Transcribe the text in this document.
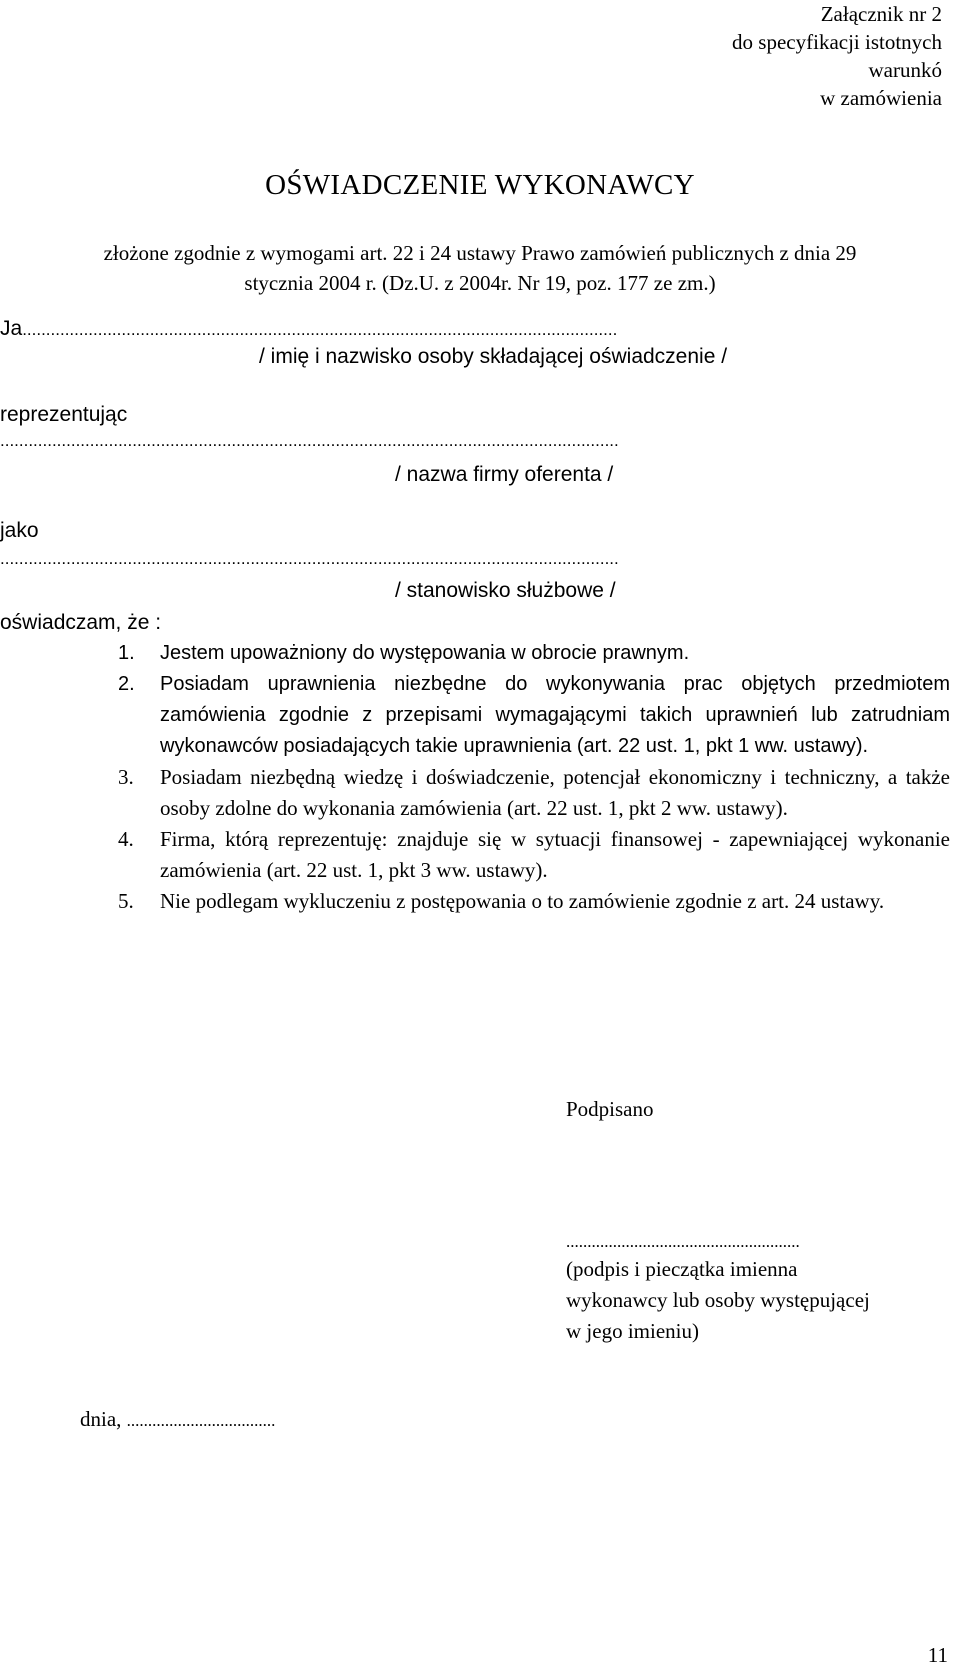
Załącznik nr 2
do specyfikacji istotnych
warunkó
w zamówienia
OŚWIADCZENIE WYKONAWCY
złożone zgodnie z wymogami art. 22 i 24 ustawy Prawo zamówień publicznych z dnia 29
stycznia 2004 r. (Dz.U. z 2004r. Nr 19, poz. 177 ze zm.)
Ja..............................................................................................................................
/ imię i nazwisko osoby składającej oświadczenie /
reprezentując
...................................................................................................................................
/ nazwa firmy oferenta /
jako
...................................................................................................................................
/ stanowisko służbowe /
oświadczam, że :
1.	Jestem upoważniony do występowania w obrocie prawnym.
2.	Posiadam uprawnienia niezbędne do wykonywania prac objętych przedmiotem zamówienia zgodnie z przepisami wymagającymi takich uprawnień lub zatrudniam wykonawców posiadających takie uprawnienia (art. 22 ust. 1, pkt 1 ww. ustawy).
3.	Posiadam niezbędną wiedzę i doświadczenie, potencjał ekonomiczny i techniczny, a także osoby zdolne do wykonania zamówienia (art. 22 ust. 1, pkt 2 ww. ustawy).
4.	Firma, którą reprezentuję: znajduje się w sytuacji finansowej - zapewniającej wykonanie zamówienia (art. 22 ust. 1, pkt 3 ww. ustawy).
5.	Nie podlegam wykluczeniu z postępowania o to zamówienie zgodnie z art. 24 ustawy.
Podpisano
.......................................................
(podpis i pieczątka imienna
wykonawcy lub osoby występującej
w jego imieniu)
dnia, ...................................
11
